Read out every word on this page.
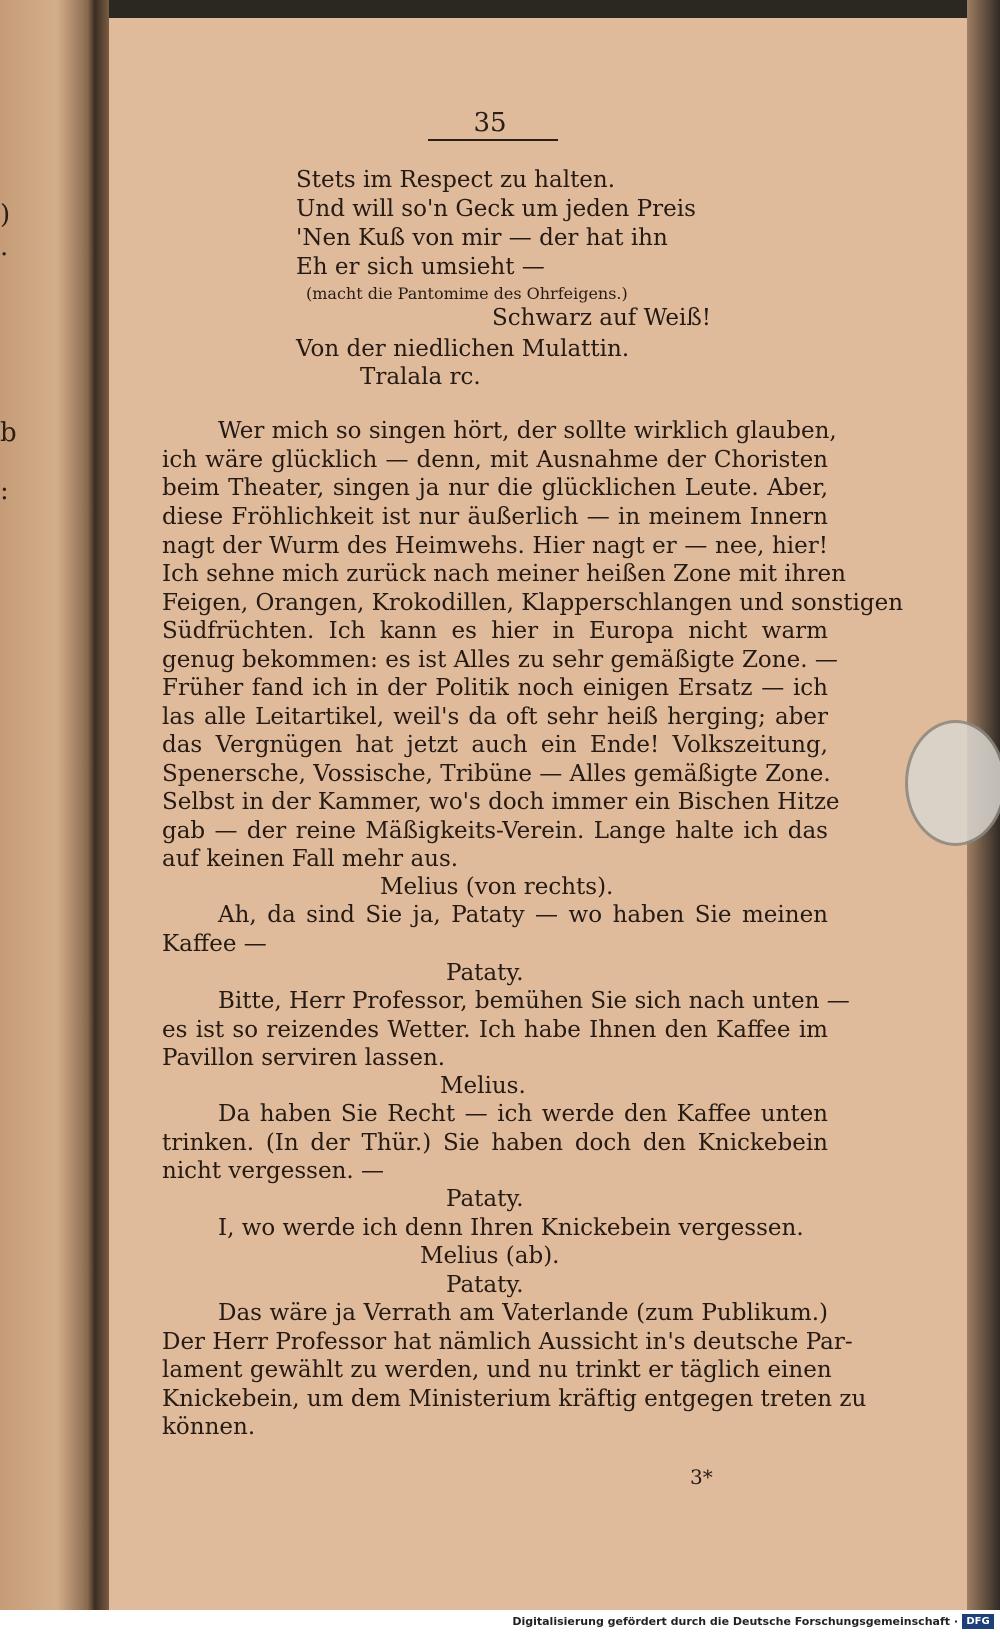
)
.
b
:
35
Stets im Respect zu halten.
Und will so'n Geck um jeden Preis
'Nen Kuß von mir — der hat ihn
Eh er sich umsieht —
(macht die Pantomime des Ohrfeigens.)
Schwarz auf Weiß!
Von der niedlichen Mulattin.
Tralala rc.
Wer mich so singen hört, der sollte wirklich glauben,
ich wäre glücklich — denn, mit Ausnahme der Choristen
beim Theater, singen ja nur die glücklichen Leute. Aber,
diese Fröhlichkeit ist nur äußerlich — in meinem Innern
nagt der Wurm des Heimwehs. Hier nagt er — nee, hier!
Ich sehne mich zurück nach meiner heißen Zone mit ihren
Feigen, Orangen, Krokodillen, Klapperschlangen und sonstigen
Südfrüchten. Ich kann es hier in Europa nicht warm
genug bekommen: es ist Alles zu sehr gemäßigte Zone. —
Früher fand ich in der Politik noch einigen Ersatz — ich
las alle Leitartikel, weil's da oft sehr heiß herging; aber
das Vergnügen hat jetzt auch ein Ende! Volkszeitung,
Spenersche, Vossische, Tribüne — Alles gemäßigte Zone.
Selbst in der Kammer, wo's doch immer ein Bischen Hitze
gab — der reine Mäßigkeits-Verein. Lange halte ich das
auf keinen Fall mehr aus.
Melius (von rechts).
Ah, da sind Sie ja, Pataty — wo haben Sie meinen
Kaffee —
Pataty.
Bitte, Herr Professor, bemühen Sie sich nach unten —
es ist so reizendes Wetter. Ich habe Ihnen den Kaffee im
Pavillon serviren lassen.
Melius.
Da haben Sie Recht — ich werde den Kaffee unten
trinken. (In der Thür.) Sie haben doch den Knickebein
nicht vergessen. —
Pataty.
I, wo werde ich denn Ihren Knickebein vergessen.
Melius (ab).
Pataty.
Das wäre ja Verrath am Vaterlande (zum Publikum.)
Der Herr Professor hat nämlich Aussicht in's deutsche Par-
lament gewählt zu werden, und nu trinkt er täglich einen
Knickebein, um dem Ministerium kräftig entgegen treten zu
können.
3*
Digitalisierung gefördert durch die Deutsche Forschungsgemeinschaft · DFG
